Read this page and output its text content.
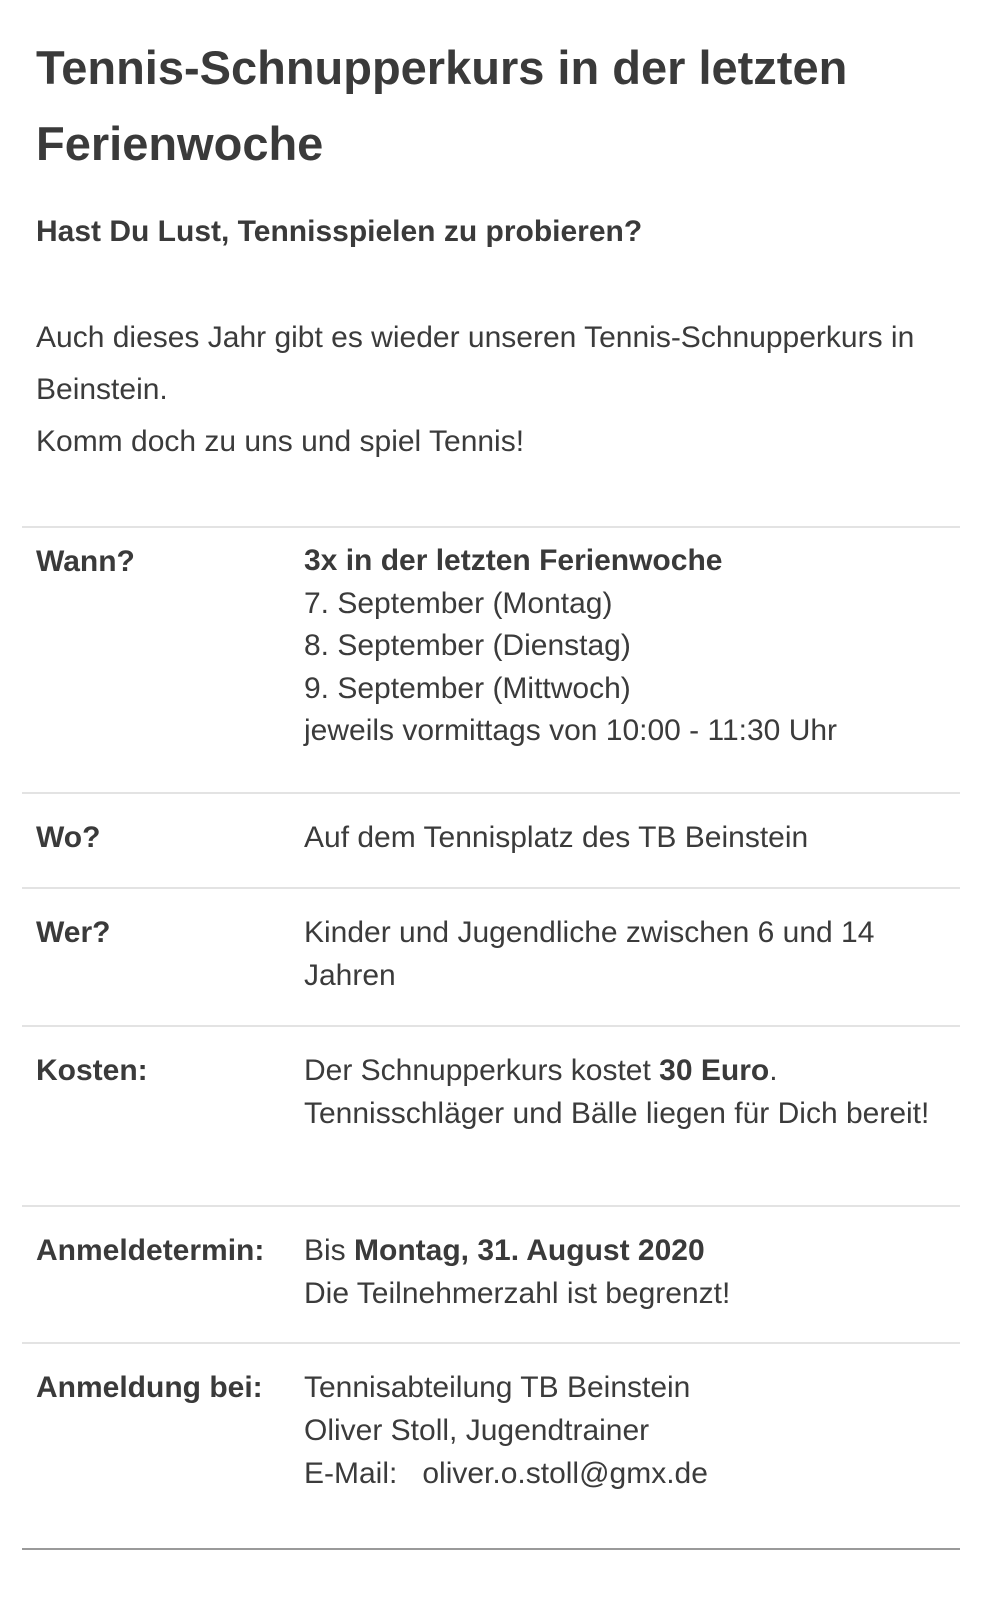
Tennis-Schnupperkurs in der letzten Ferienwoche

Hast Du Lust, Tennisspielen zu probieren?

Auch dieses Jahr gibt es wieder unseren Tennis-Schnupperkurs in Beinstein.
Komm doch zu uns und spiel Tennis!
Wann?	3x in der letzten Ferienwoche
7. September (Montag)
8. September (Dienstag)
9. September (Mittwoch)
jeweils vormittags von 10:00 - 11:30 Uhr
Wo?	Auf dem Tennisplatz des TB Beinstein
Wer?	Kinder und Jugendliche zwischen 6 und 14 Jahren
Kosten:	Der Schnupperkurs kostet 30 Euro.
Tennisschläger und Bälle liegen für Dich bereit!
Anmeldetermin: Bis Montag, 31. August 2020
Die Teilnehmerzahl ist begrenzt!
Anmeldung bei: Tennisabteilung TB Beinstein
Oliver Stoll, Jugendtrainer
E-Mail: oliver.o.stoll@gmx.de
